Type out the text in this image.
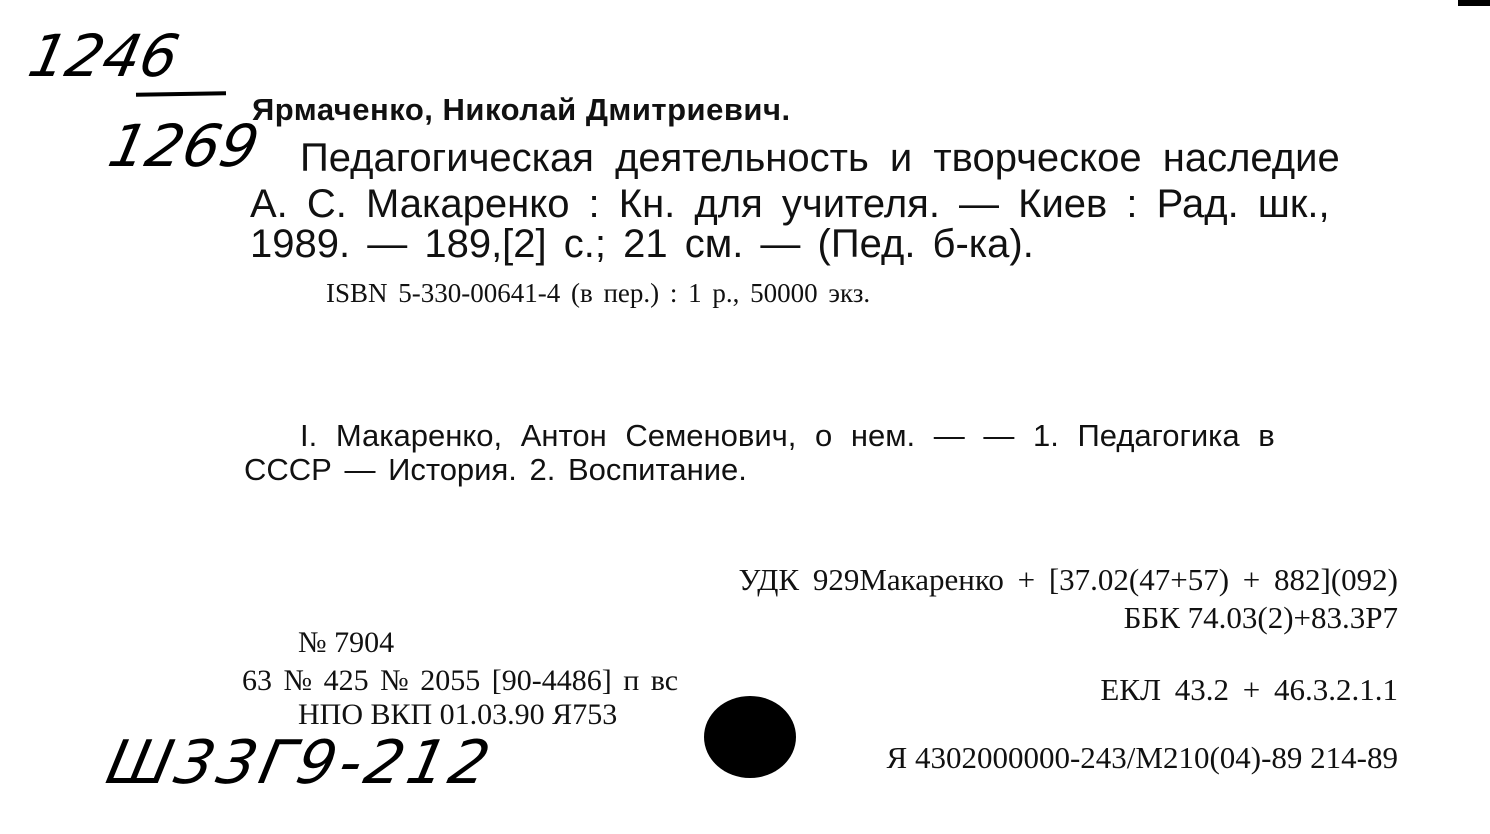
1246
1269
Ярмаченко, Николай Дмитриевич.
Педагогическая деятельность и творческое наследие
А. С. Макаренко : Кн. для учителя. — Киев : Рад. шк.,
1989. — 189,[2] с.; 21 см. — (Пед. б-ка).
ISBN 5-330-00641-4 (в пер.) : 1 р., 50000 экз.
I. Макаренко, Антон Семенович, о нем. — — 1. Педагогика в
СССР — История. 2. Воспитание.
УДК 929Макаренко + [37.02(47+57) + 882](092)
ББК 74.03(2)+83.3Р7
№ 7904
63 № 425 № 2055 [90-4486] п вс	ЕКЛ 43.2 + 46.3.2.1.1
НПО ВКП 01.03.90 Я753
Я 4302000000-243/М210(04)-89 214-89
Ш33Г9-212
